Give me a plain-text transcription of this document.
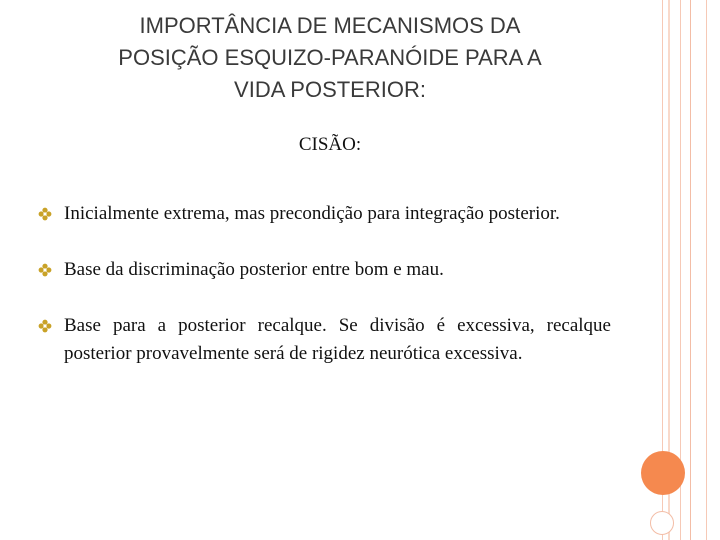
IMPORTÂNCIA DE MECANISMOS DA
POSIÇÃO ESQUIZO-PARANÓIDE PARA A
VIDA POSTERIOR:
CISÃO:
Inicialmente extrema, mas precondição para integração posterior.
Base da discriminação posterior entre bom e mau.
Base para a posterior recalque. Se divisão é excessiva, recalque posterior provavelmente será de rigidez neurótica excessiva.
